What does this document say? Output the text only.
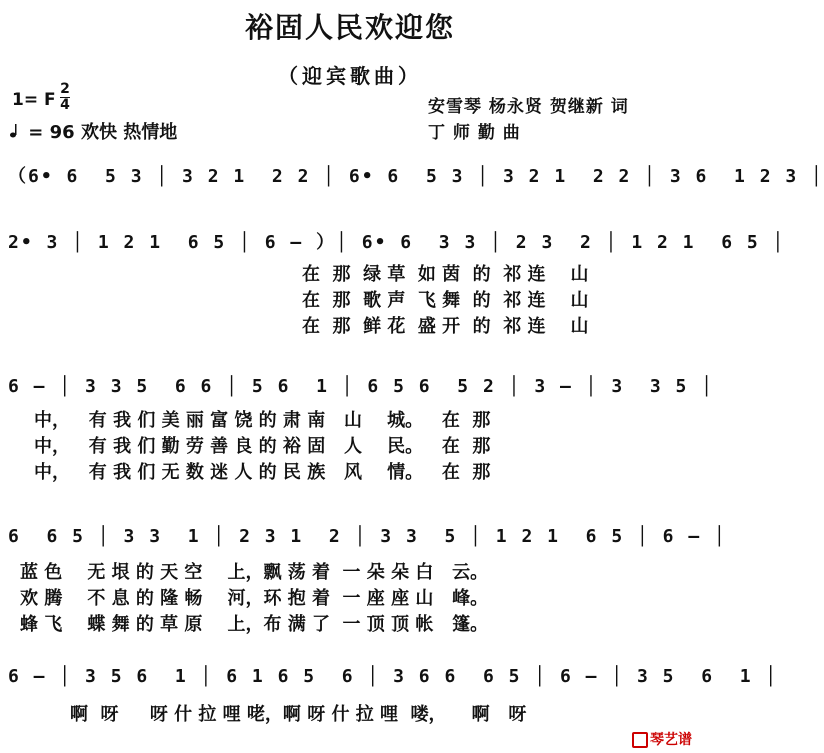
裕固人民欢迎您
（迎宾歌曲）
1= F
2
4
= 96 欢快 热情地
安雪琴 杨永贤 贺继新 词
丁 师 勤 曲
（6• 6  5 3 │ 3 2 1  2 2 │ 6• 6  5 3 │ 3 2 1  2 2 │ 3 6  1 2 3 │
2• 3 │ 1 2 1  6 5 │ 6 — ）│ 6• 6  3 3 │ 2 3  2 │ 1 2 1  6 5 │
在  那  绿 草  如 茵  的  祁 连    山
在  那  歌 声  飞 舞  的  祁 连    山
在  那  鲜 花  盛 开  的  祁 连    山
6 — │ 3 3 5  6 6 │ 5 6  1 │ 6 5 6  5 2 │ 3 — │ 3  3 5 │
中，   有 我 们 美 丽 富 饶 的 肃 南   山    城。   在  那
中，   有 我 们 勤 劳 善 良 的 裕 固   人    民。   在  那
中，   有 我 们 无 数 迷 人 的 民 族   风    情。   在  那
6  6 5 │ 3 3  1 │ 2 3 1  2 │ 3 3  5 │ 1 2 1  6 5 │ 6 — │
蓝 色    无 垠 的 天 空    上，飘 荡 着  一 朵 朵 白   云。
欢 腾    不 息 的 隆 畅    河，环 抱 着  一 座 座 山   峰。
蜂 飞    蝶 舞 的 草 原    上，布 满 了  一 顶 顶 帐   篷。
6 — │ 3 5 6  1 │ 6 1 6 5  6 │ 3 6 6  6 5 │ 6 — │ 3 5  6  1 │
啊  呀     呀 什 拉 哩 咾，啊 呀 什 拉 哩  喽，    啊   呀
琴艺谱
